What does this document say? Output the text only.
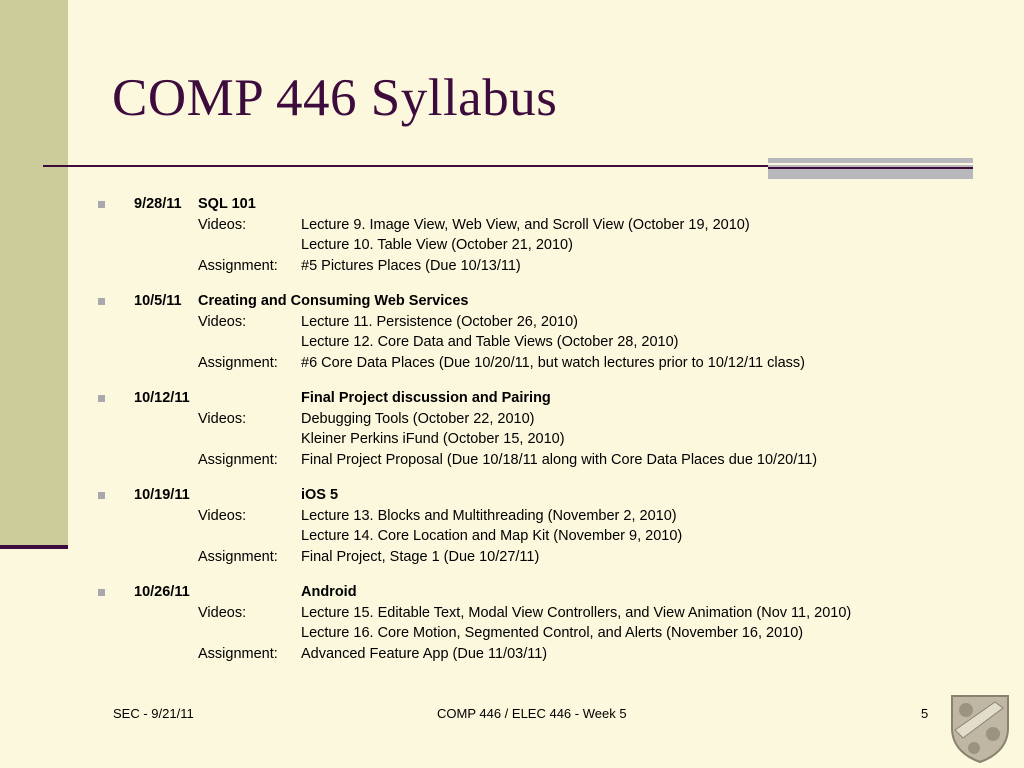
COMP 446 Syllabus
9/28/11 SQL 101
Videos:	Lecture 9. Image View, Web View, and Scroll View (October 19, 2010)
Lecture 10. Table View (October 21, 2010)
Assignment: #5 Pictures Places (Due 10/13/11)
10/5/11 Creating and Consuming Web Services
Videos:	Lecture 11. Persistence (October 26, 2010)
Lecture 12. Core Data and Table Views (October 28, 2010)
Assignment: #6 Core Data Places (Due 10/20/11, but watch lectures prior to 10/12/11 class)
10/12/11	Final Project discussion and Pairing
Videos:	Debugging Tools (October 22, 2010)
Kleiner Perkins iFund (October 15, 2010)
Assignment: Final Project Proposal (Due 10/18/11 along with Core Data Places due 10/20/11)
10/19/11	iOS 5
Videos:	Lecture 13. Blocks and Multithreading (November 2, 2010)
Lecture 14. Core Location and Map Kit (November 9, 2010)
Assignment: Final Project, Stage 1 (Due 10/27/11)
10/26/11	Android
Videos:	Lecture 15. Editable Text, Modal View Controllers, and View Animation (Nov 11, 2010)
Lecture 16. Core Motion, Segmented Control, and Alerts (November 16, 2010)
Assignment: Advanced Feature App (Due 11/03/11)
SEC - 9/21/11	COMP 446 / ELEC 446 - Week 5	5
